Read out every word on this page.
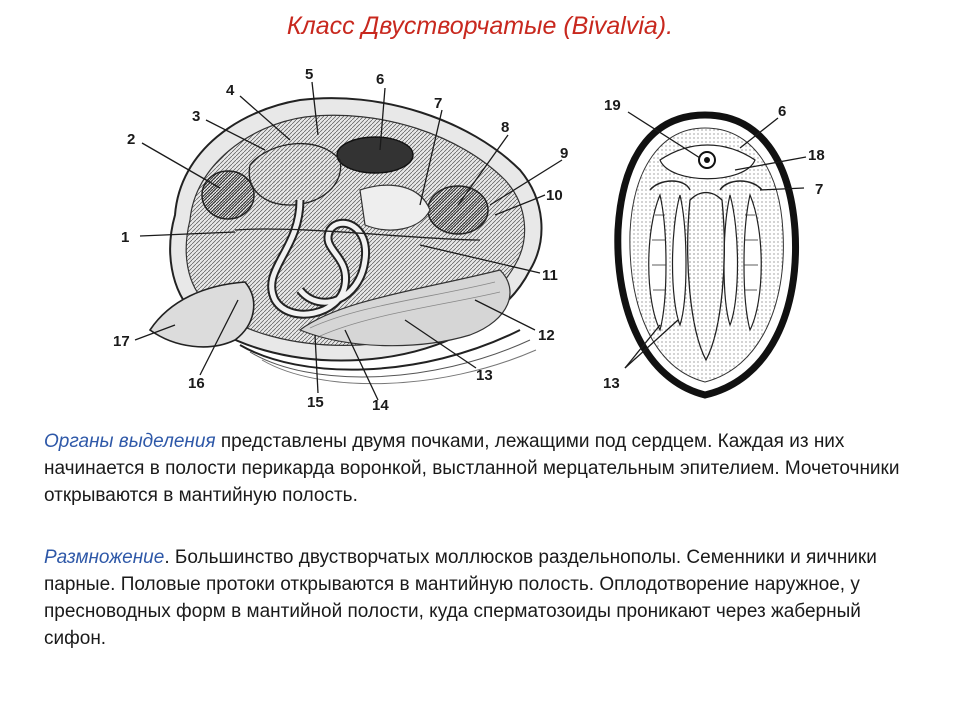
Класс Двустворчатые (Bivalvia).
1
2
3
4
5	6
7
8
9
10
11
12
13
14
15
16
17
19	6
18
7
13
Органы выделения представлены двумя почками, лежащими под сердцем. Каждая из них начинается в полости перикарда воронкой, выстланной мерцательным эпителием. Мочеточники открываются в мантийную полость.
Размножение. Большинство двустворчатых моллюсков раздельнополы. Семенники и яичники парные. Половые протоки открываются в мантийную полость. Оплодотворение наружное, у пресноводных форм в мантийной полости, куда сперматозоиды проникают через жаберный сифон.
